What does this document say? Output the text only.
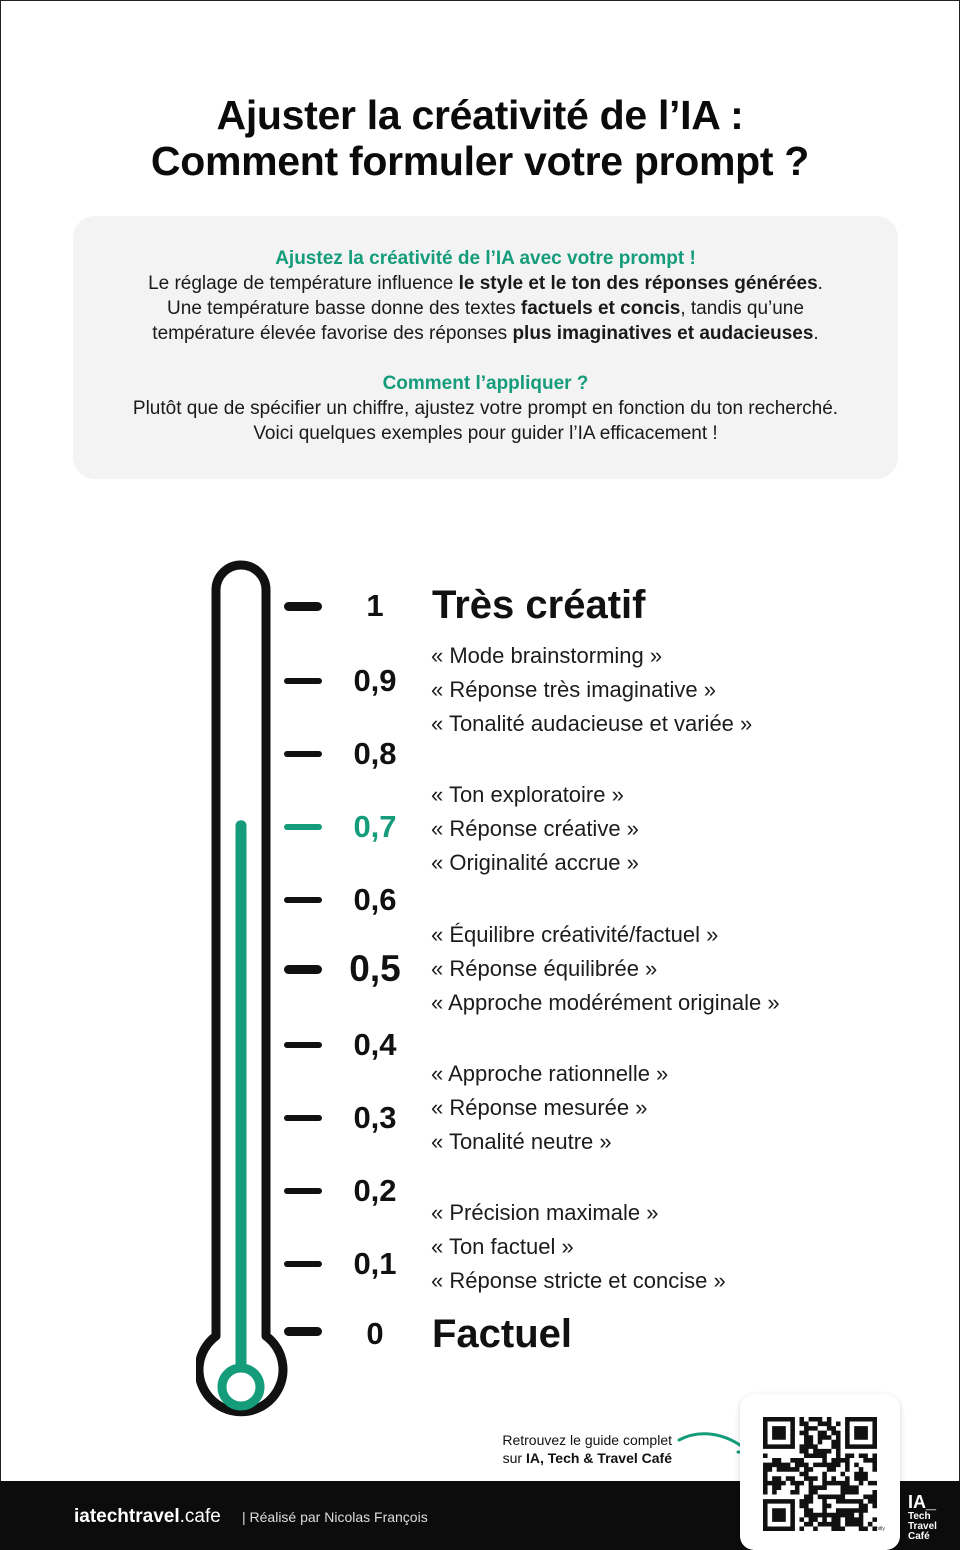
Ajuster la créativité de l’IA :
Comment formuler votre prompt ?
Ajustez la créativité de l’IA avec votre prompt !
Le réglage de température influence le style et le ton des réponses générées.
Une température basse donne des textes factuels et concis, tandis qu’une
température élevée favorise des réponses plus imaginatives et audacieuses.
Comment l’appliquer ?
Plutôt que de spécifier un chiffre, ajustez votre prompt en fonction du ton recherché.
Voici quelques exemples pour guider l’IA efficacement !
1
0,9
0,8
0,7
0,6
0,5
0,4
0,3
0,2
0,1
0
Très créatif
Factuel
« Mode brainstorming »
« Réponse très imaginative »
« Tonalité audacieuse et variée »
« Ton exploratoire »
« Réponse créative »
« Originalité accrue »
« Équilibre créativité/factuel »
« Réponse équilibrée »
« Approche modérément originale »
« Approche rationnelle »
« Réponse mesurée »
« Tonalité neutre »
« Précision maximale »
« Ton factuel »
« Réponse stricte et concise »
Retrouvez le guide complet
sur IA, Tech & Travel Café
iatechtravel.cafe | Réalisé par Nicolas François
IA_
Tech
Travel
Café
bitly
